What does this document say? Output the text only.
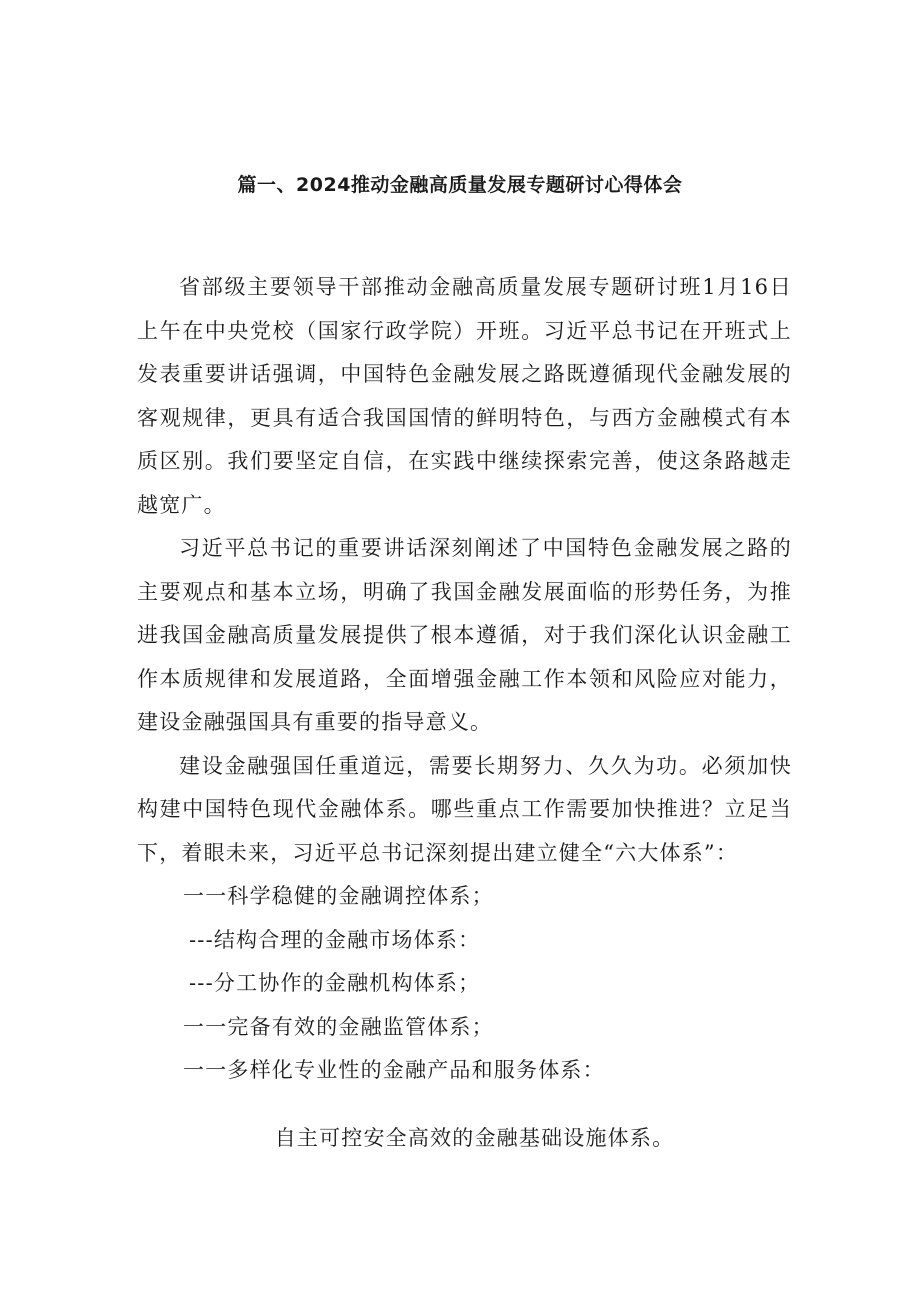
篇一、2024推动金融高质量发展专题研讨心得体会

省部级主要领导干部推动金融高质量发展专题研讨班1月16日上午在中央党校（国家行政学院）开班。习近平总书记在开班式上发表重要讲话强调，中国特色金融发展之路既遵循现代金融发展的客观规律，更具有适合我国国情的鲜明特色，与西方金融模式有本质区别。我们要坚定自信，在实践中继续探索完善，使这条路越走越宽广。

习近平总书记的重要讲话深刻阐述了中国特色金融发展之路的主要观点和基本立场，明确了我国金融发展面临的形势任务，为推进我国金融高质量发展提供了根本遵循，对于我们深化认识金融工作本质规律和发展道路，全面增强金融工作本领和风险应对能力，建设金融强国具有重要的指导意义。

建设金融强国任重道远，需要长期努力、久久为功。必须加快构建中国特色现代金融体系。哪些重点工作需要加快推进？立足当下，着眼未来，习近平总书记深刻提出建立健全“六大体系”：

一一科学稳健的金融调控体系；

---结构合理的金融市场体系：

---分工协作的金融机构体系；

一一完备有效的金融监管体系；

一一多样化专业性的金融产品和服务体系：

自主可控安全高效的金融基础设施体系。
